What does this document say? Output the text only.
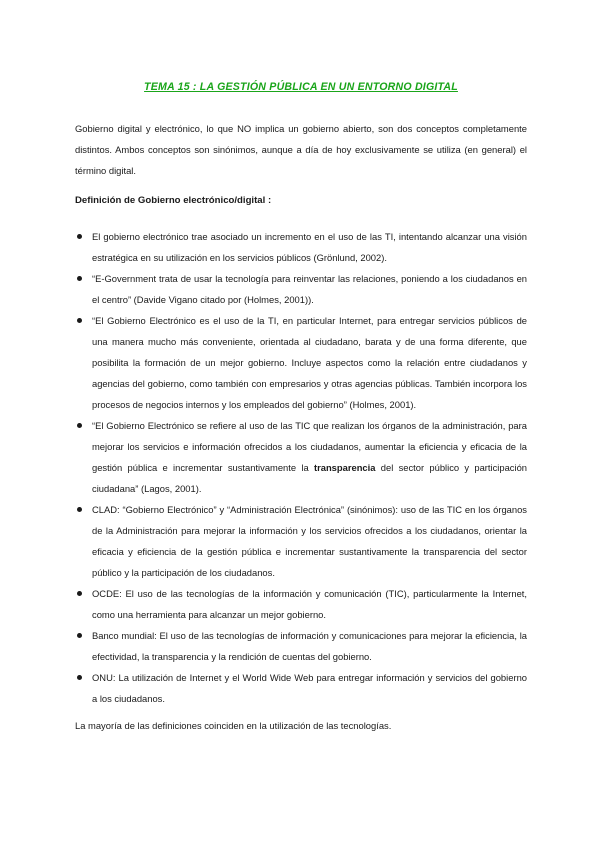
TEMA 15 : LA GESTIÓN PÚBLICA EN UN ENTORNO DIGITAL

Gobierno digital y electrónico, lo que NO implica un gobierno abierto, son dos conceptos completamente distintos. Ambos conceptos son sinónimos, aunque a día de hoy exclusivamente se utiliza (en general) el término digital.

Definición de Gobierno electrónico/digital :

El gobierno electrónico trae asociado un incremento en el uso de las TI, intentando alcanzar una visión estratégica en su utilización en los servicios públicos (Grönlund, 2002).
“E-Government trata de usar la tecnología para reinventar las relaciones, poniendo a los ciudadanos en el centro” (Davide Vigano citado por (Holmes, 2001)).
“El Gobierno Electrónico es el uso de la TI, en particular Internet, para entregar servicios públicos de una manera mucho más conveniente, orientada al ciudadano, barata y de una forma diferente, que posibilita la formación de un mejor gobierno. Incluye aspectos como la relación entre ciudadanos y agencias del gobierno, como también con empresarios y otras agencias públicas. También incorpora los procesos de negocios internos y los empleados del gobierno” (Holmes, 2001).
“El Gobierno Electrónico se refiere al uso de las TIC que realizan los órganos de la administración, para mejorar los servicios e información ofrecidos a los ciudadanos, aumentar la eficiencia y eficacia de la gestión pública e incrementar sustantivamente la transparencia del sector público y participación ciudadana” (Lagos, 2001).
CLAD: “Gobierno Electrónico” y “Administración Electrónica” (sinónimos): uso de las TIC en los órganos de la Administración para mejorar la información y los servicios ofrecidos a los ciudadanos, orientar la eficacia y eficiencia de la gestión pública e incrementar sustantivamente la transparencia del sector público y la participación de los ciudadanos.
OCDE: El uso de las tecnologías de la información y comunicación (TIC), particularmente la Internet, como una herramienta para alcanzar un mejor gobierno.
Banco mundial: El uso de las tecnologías de información y comunicaciones para mejorar la eficiencia, la efectividad, la transparencia y la rendición de cuentas del gobierno.
ONU: La utilización de Internet y el World Wide Web para entregar información y servicios del gobierno a los ciudadanos.

La mayoría de las definiciones coinciden en la utilización de las tecnologías.
